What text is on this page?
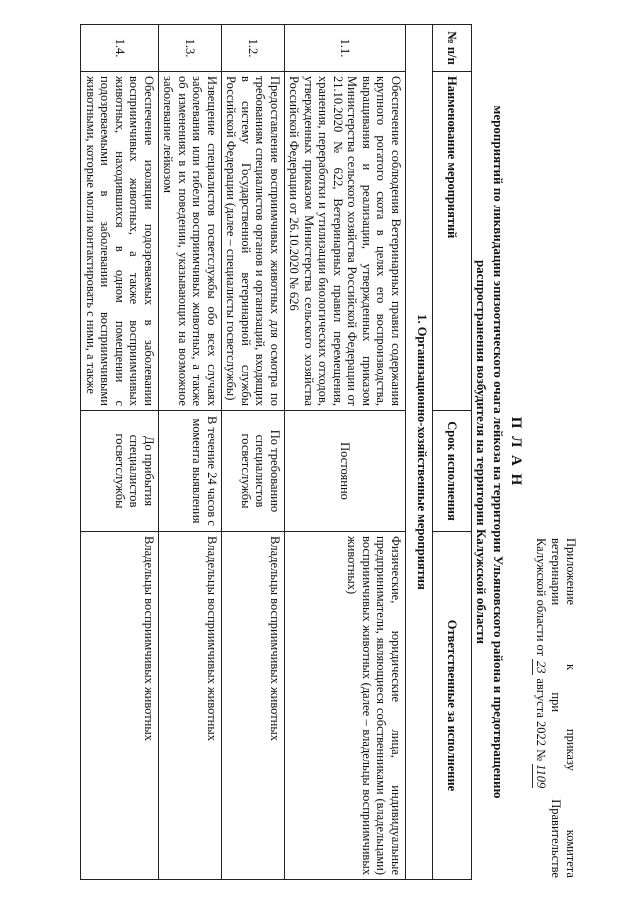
Приложение
к
приказу
комитета
ветеринарии
при
Правительстве
Калужской области от 23 августа 2022 № 1109
П Л А Н
мероприятий по ликвидации эпизоотического очага лейкоза на территории Ульяновского района и предотвращению
распространения возбудителя на территории Калужской области
№ п/п	Наименование мероприятий	Срок исполнения	Ответственные за исполнение
1. Организационно-хозяйственные мероприятия			
1.1.	Обеспечение соблюдения Ветеринарных правил содержания крупного рогатого скота в целях его воспроизводства, выращивания и реализации, утвержденных приказом Министерства сельского хозяйства Российской Федерации от 21.10.2020 № 622, Ветеринарных правил перемещения, хранения, переработки и утилизации биологических отходов, утвержденных приказом Министерства сельского хозяйства Российской Федерации от 26.10.2020 № 626	Постоянно	Физические, юридические лица, индивидуальные предприниматели, являющиеся собственниками (владельцами) восприимчивых животных (далее – владельцы восприимчивых животных)
1.2.	Предоставление восприимчивых животных для осмотра по требованиям специалистов органов и организаций, входящих в систему Государственной ветеринарной службы Российской Федерации (далее – специалисты госветслужбы)	По требованию специалистов госветслужбы	Владельцы восприимчивых животных
1.3.	Извещение специалистов госветслужбы обо всех случаях заболевания или гибели восприимчивых животных, а также об изменениях в их поведении, указывающих на возможное заболевание лейкозом	В течение 24 часов с момента выявления	Владельцы восприимчивых животных
1.4.	Обеспечение изоляции подозреваемых в заболевании восприимчивых животных, а также восприимчивых животных, находившихся в одном помещении с подозреваемыми в заболевании восприимчивыми животными, которые могли контактировать с ними, а также	До прибытия специалистов госветслужбы	Владельцы восприимчивых животных
